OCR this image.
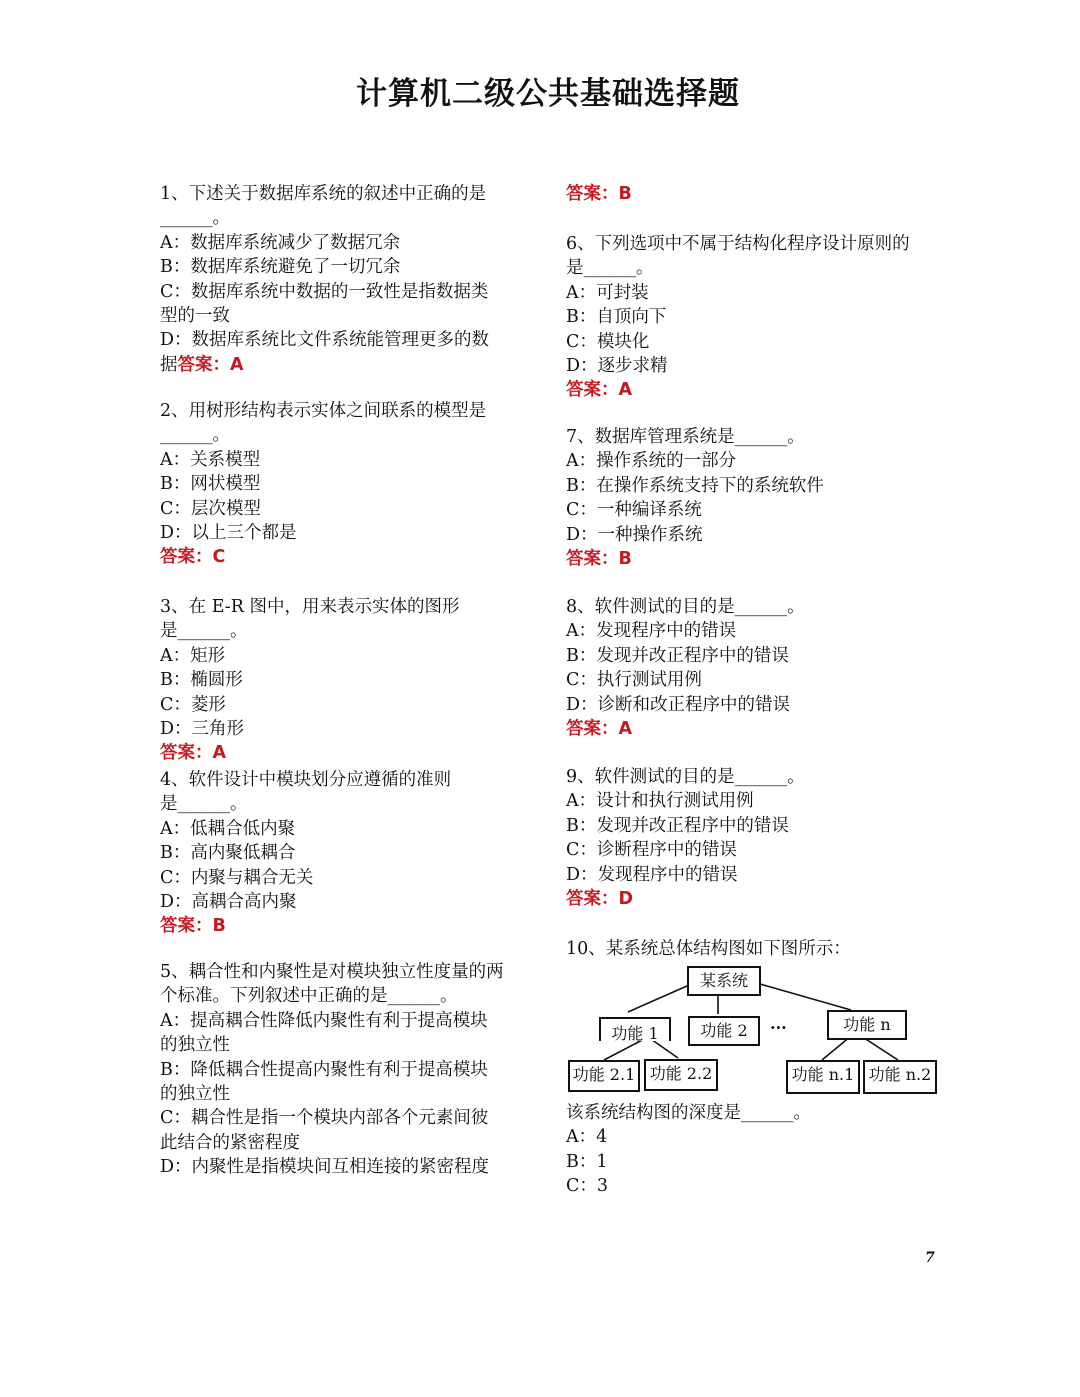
计算机二级公共基础选择题
1、下述关于数据库系统的叙述中正确的是
______。
A：数据库系统减少了数据冗余
B：数据库系统避免了一切冗余
C：数据库系统中数据的一致性是指数据类
型的一致
D：数据库系统比文件系统能管理更多的数
据答案：A
2、用树形结构表示实体之间联系的模型是
______。
A：关系模型
B：网状模型
C：层次模型
D：以上三个都是
答案：C
3、在 E-R 图中，用来表示实体的图形
是______。
A：矩形
B：椭圆形
C：菱形
D：三角形
答案：A
4、软件设计中模块划分应遵循的准则
是______。
A：低耦合低内聚
B：高内聚低耦合
C：内聚与耦合无关
D：高耦合高内聚
答案：B
5、耦合性和内聚性是对模块独立性度量的两
个标准。下列叙述中正确的是______。
A：提高耦合性降低内聚性有利于提高模块
的独立性
B：降低耦合性提高内聚性有利于提高模块
的独立性
C：耦合性是指一个模块内部各个元素间彼
此结合的紧密程度
D：内聚性是指模块间互相连接的紧密程度
答案：B
6、下列选项中不属于结构化程序设计原则的
是______。
A：可封装
B：自顶向下
C：模块化
D：逐步求精
答案：A
7、数据库管理系统是______。
A：操作系统的一部分
B：在操作系统支持下的系统软件
C：一种编译系统
D：一种操作系统
答案：B
8、软件测试的目的是______。
A：发现程序中的错误
B：发现并改正程序中的错误
C：执行测试用例
D：诊断和改正程序中的错误
答案：A
9、软件测试的目的是______。
A：设计和执行测试用例
B：发现并改正程序中的错误
C：诊断程序中的错误
D：发现程序中的错误
答案：D
10、某系统总体结构图如下图所示：
该系统结构图的深度是______。
A：4
B：1
C：3
某系统
功能 1	功能 2	···	功能 n
功能 2.1 功能 2.2	功能 n.1 功能 n.2
7
